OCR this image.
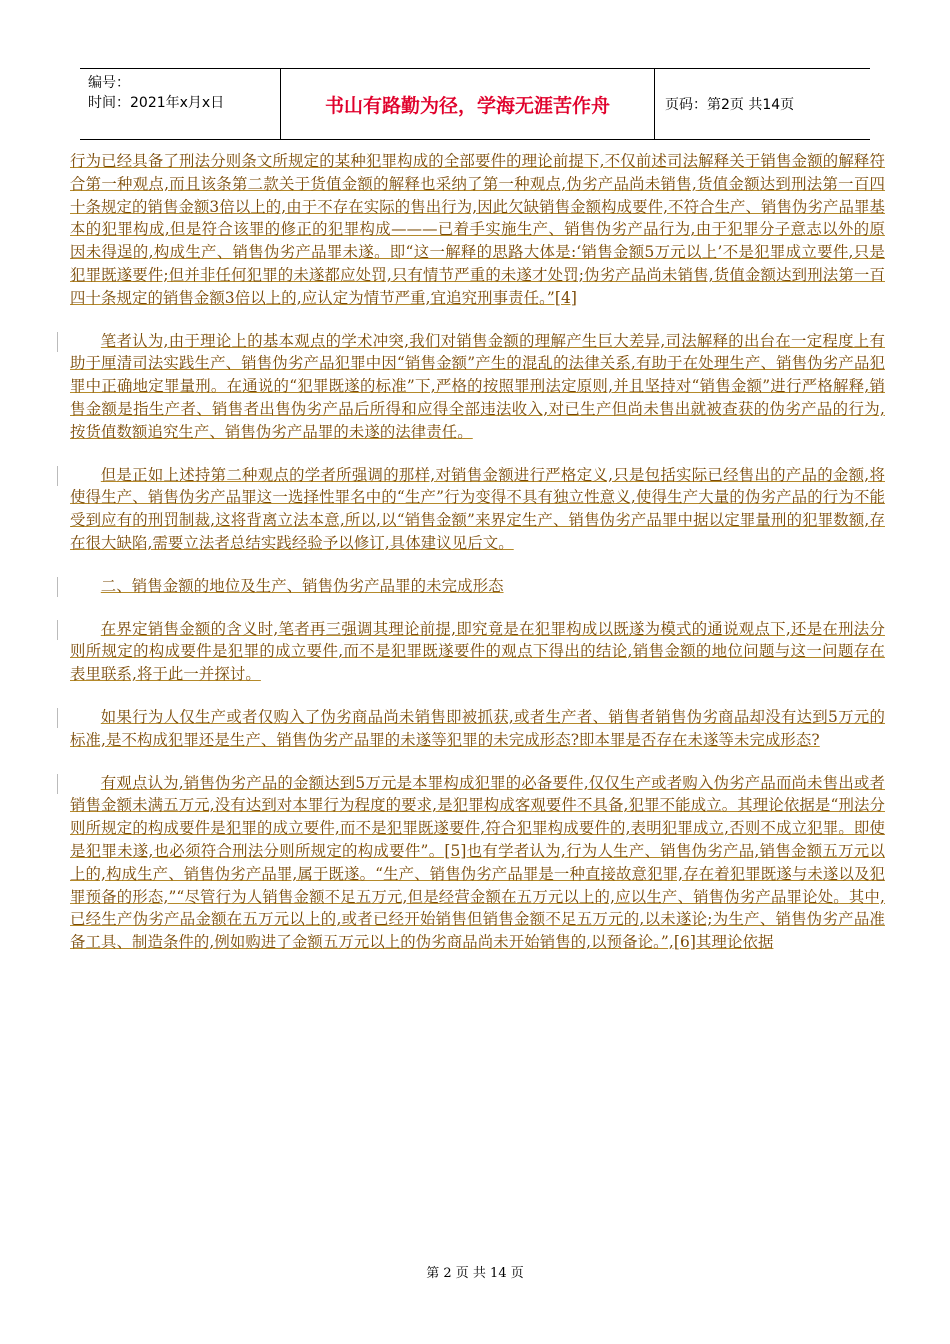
编号：
时间：2021年x月x日	书山有路勤为径，学海无涯苦作舟	页码：第2页 共14页

行为已经具备了刑法分则条文所规定的某种犯罪构成的全部要件的理论前提下,不仅前述司法解释关于销售金额的解释符合第一种观点,而且该条第二款关于货值金额的解释也采纳了第一种观点,伪劣产品尚未销售,货值金额达到刑法第一百四十条规定的销售金额3倍以上的,由于不存在实际的售出行为,因此欠缺销售金额构成要件,不符合生产、销售伪劣产品罪基本的犯罪构成,但是符合该罪的修正的犯罪构成———已着手实施生产、销售伪劣产品行为,由于犯罪分子意志以外的原因未得逞的,构成生产、销售伪劣产品罪未遂。即“这一解释的思路大体是:‘销售金额5万元以上’不是犯罪成立要件,只是犯罪既遂要件;但并非任何犯罪的未遂都应处罚,只有情节严重的未遂才处罚;伪劣产品尚未销售,货值金额达到刑法第一百四十条规定的销售金额3倍以上的,应认定为情节严重,宜追究刑事责任。”[4]

笔者认为,由于理论上的基本观点的学术冲突,我们对销售金额的理解产生巨大差异,司法解释的出台在一定程度上有助于厘清司法实践生产、销售伪劣产品犯罪中因“销售金额”产生的混乱的法律关系,有助于在处理生产、销售伪劣产品犯罪中正确地定罪量刑。在通说的“犯罪既遂的标准”下,严格的按照罪刑法定原则,并且坚持对“销售金额”进行严格解释,销售金额是指生产者、销售者出售伪劣产品后所得和应得全部违法收入,对已生产但尚未售出就被查获的伪劣产品的行为,按货值数额追究生产、销售伪劣产品罪的未遂的法律责任。

但是正如上述持第二种观点的学者所强调的那样,对销售金额进行严格定义,只是包括实际已经售出的产品的金额,将使得生产、销售伪劣产品罪这一选择性罪名中的“生产”行为变得不具有独立性意义,使得生产大量的伪劣产品的行为不能受到应有的刑罚制裁,这将背离立法本意,所以,以“销售金额”来界定生产、销售伪劣产品罪中据以定罪量刑的犯罪数额,存在很大缺陷,需要立法者总结实践经验予以修订,具体建议见后文。

二、销售金额的地位及生产、销售伪劣产品罪的未完成形态

在界定销售金额的含义时,笔者再三强调其理论前提,即究竟是在犯罪构成以既遂为模式的通说观点下,还是在刑法分则所规定的构成要件是犯罪的成立要件,而不是犯罪既遂要件的观点下得出的结论,销售金额的地位问题与这一问题存在表里联系,将于此一并探讨。

如果行为人仅生产或者仅购入了伪劣商品尚未销售即被抓获,或者生产者、销售者销售伪劣商品却没有达到5万元的标准,是不构成犯罪还是生产、销售伪劣产品罪的未遂等犯罪的未完成形态?即本罪是否存在未遂等未完成形态?

有观点认为,销售伪劣产品的金额达到5万元是本罪构成犯罪的必备要件,仅仅生产或者购入伪劣产品而尚未售出或者销售金额未满五万元,没有达到对本罪行为程度的要求,是犯罪构成客观要件不具备,犯罪不能成立。其理论依据是“刑法分则所规定的构成要件是犯罪的成立要件,而不是犯罪既遂要件,符合犯罪构成要件的,表明犯罪成立,否则不成立犯罪。即使是犯罪未遂,也必须符合刑法分则所规定的构成要件”。[5]也有学者认为,行为人生产、销售伪劣产品,销售金额五万元以上的,构成生产、销售伪劣产品罪,属于既遂。“生产、销售伪劣产品罪是一种直接故意犯罪,存在着犯罪既遂与未遂以及犯罪预备的形态,”“尽管行为人销售金额不足五万元,但是经营金额在五万元以上的,应以生产、销售伪劣产品罪论处。其中,已经生产伪劣产品金额在五万元以上的,或者已经开始销售但销售金额不足五万元的,以未遂论;为生产、销售伪劣产品准备工具、制造条件的,例如购进了金额五万元以上的伪劣商品尚未开始销售的,以预备论。”,[6]其理论依据

第 2 页 共 14 页
